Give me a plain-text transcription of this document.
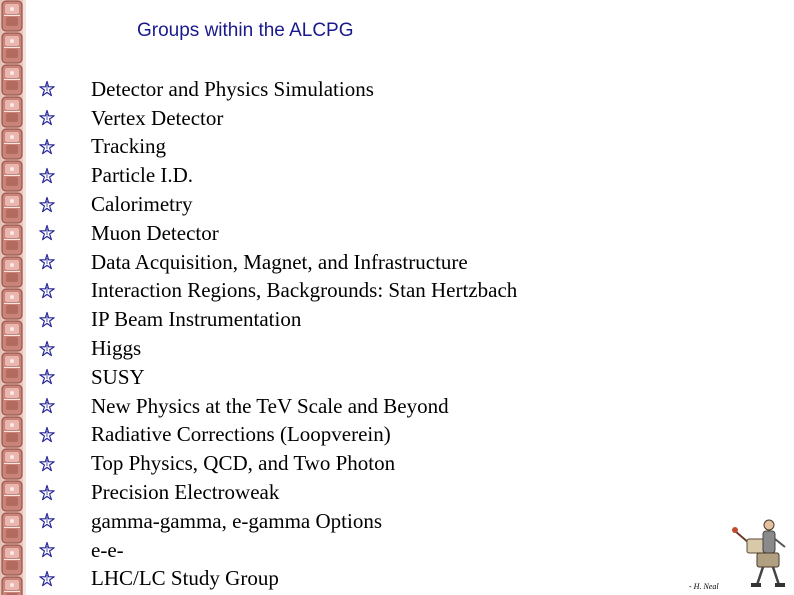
Groups within the ALCPG
Detector and Physics Simulations
Vertex Detector
Tracking
Particle I.D.
Calorimetry
Muon Detector
Data Acquisition, Magnet, and Infrastructure
Interaction Regions, Backgrounds: Stan Hertzbach
IP Beam Instrumentation
Higgs
SUSY
New Physics at the TeV Scale and Beyond
Radiative Corrections (Loopverein)
Top Physics, QCD, and Two Photon
Precision Electroweak
gamma-gamma, e-gamma Options
e-e-
LHC/LC Study Group	- H. Neal
